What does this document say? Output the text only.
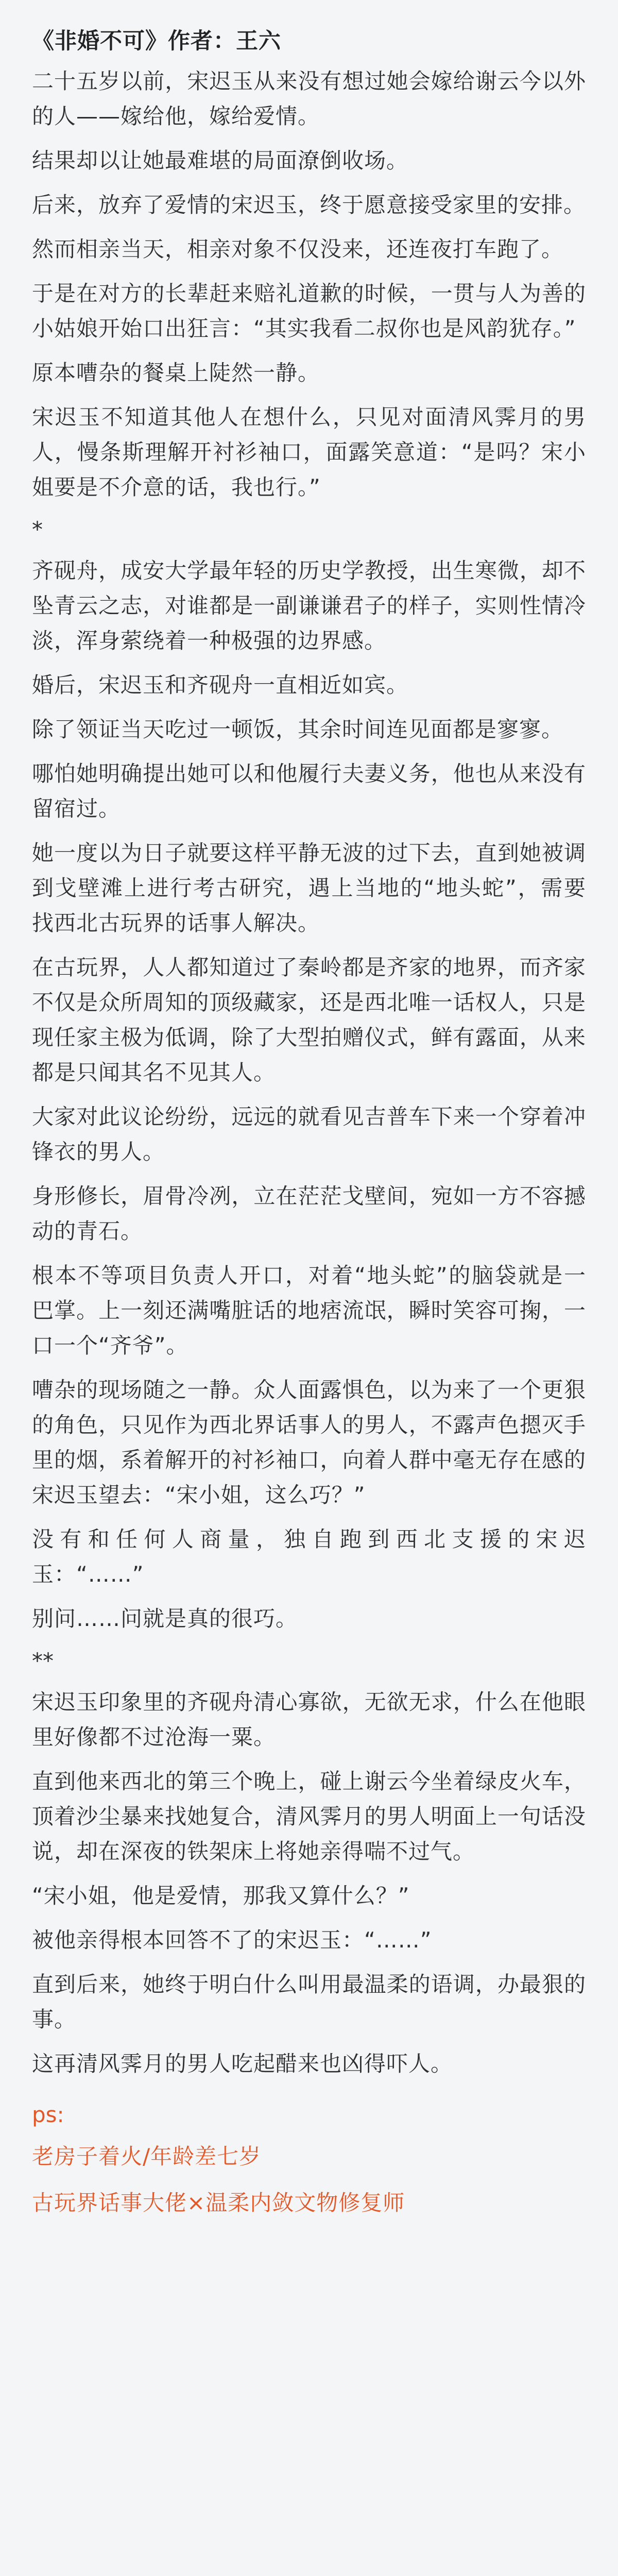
《非婚不可》作者：王六
二十五岁以前，宋迟玉从来没有想过她会嫁给谢云今以外的人——嫁给他，嫁给爱情。
结果却以让她最难堪的局面潦倒收场。
后来，放弃了爱情的宋迟玉，终于愿意接受家里的安排。
然而相亲当天，相亲对象不仅没来，还连夜打车跑了。
于是在对方的长辈赶来赔礼道歉的时候，一贯与人为善的小姑娘开始口出狂言：“其实我看二叔你也是风韵犹存。”
原本嘈杂的餐桌上陡然一静。
宋迟玉不知道其他人在想什么，只见对面清风霁月的男人，慢条斯理解开衬衫袖口，面露笑意道：“是吗？宋小姐要是不介意的话，我也行。”
*
齐砚舟，成安大学最年轻的历史学教授，出生寒微，却不坠青云之志，对谁都是一副谦谦君子的样子，实则性情冷淡，浑身萦绕着一种极强的边界感。
婚后，宋迟玉和齐砚舟一直相近如宾。
除了领证当天吃过一顿饭，其余时间连见面都是寥寥。
哪怕她明确提出她可以和他履行夫妻义务，他也从来没有留宿过。
她一度以为日子就要这样平静无波的过下去，直到她被调到戈壁滩上进行考古研究，遇上当地的“地头蛇”，需要找西北古玩界的话事人解决。
在古玩界，人人都知道过了秦岭都是齐家的地界，而齐家不仅是众所周知的顶级藏家，还是西北唯一话权人，只是现任家主极为低调，除了大型拍赠仪式，鲜有露面，从来都是只闻其名不见其人。
大家对此议论纷纷，远远的就看见吉普车下来一个穿着冲锋衣的男人。
身形修长，眉骨冷冽，立在茫茫戈壁间，宛如一方不容撼动的青石。
根本不等项目负责人开口，对着“地头蛇”的脑袋就是一巴掌。上一刻还满嘴脏话的地痞流氓，瞬时笑容可掬，一口一个“齐爷”。
嘈杂的现场随之一静。众人面露惧色，以为来了一个更狠的角色，只见作为西北界话事人的男人，不露声色摁灭手里的烟，系着解开的衬衫袖口，向着人群中毫无存在感的宋迟玉望去：“宋小姐，这么巧？”
没有和任何人商量，独自跑到西北支援的宋迟玉：“……”
别问……问就是真的很巧。
**
宋迟玉印象里的齐砚舟清心寡欲，无欲无求，什么在他眼里好像都不过沧海一粟。
直到他来西北的第三个晚上，碰上谢云今坐着绿皮火车，顶着沙尘暴来找她复合，清风霁月的男人明面上一句话没说，却在深夜的铁架床上将她亲得喘不过气。
“宋小姐，他是爱情，那我又算什么？”
被他亲得根本回答不了的宋迟玉：“……”
直到后来，她终于明白什么叫用最温柔的语调，办最狠的事。
这再清风霁月的男人吃起醋来也凶得吓人。
ps:
老房子着火/年龄差七岁
古玩界话事大佬×温柔内敛文物修复师
